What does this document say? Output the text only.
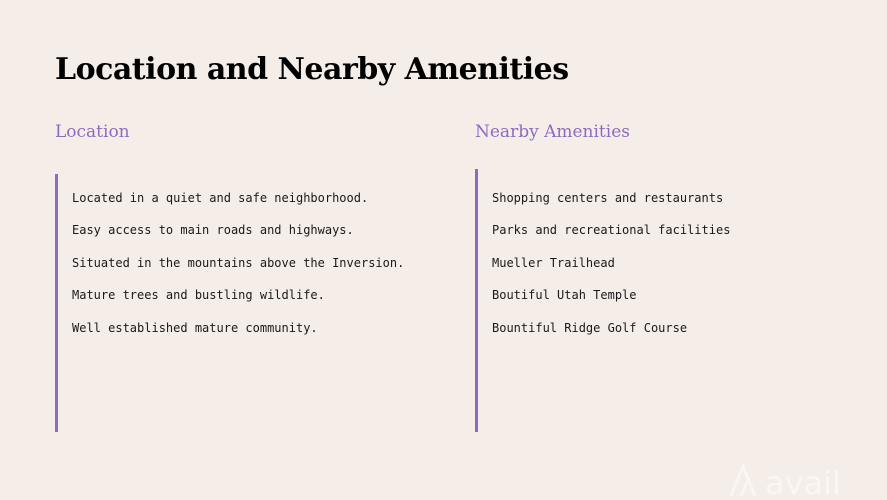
Location and Nearby Amenities
Location
Located in a quiet and safe neighborhood.
Easy access to main roads and highways.
Situated in the mountains above the Inversion.
Mature trees and bustling wildlife.
Well established mature community.
Nearby Amenities
Shopping centers and restaurants
Parks and recreational facilities
Mueller Trailhead
Boutiful Utah Temple
Bountiful Ridge Golf Course
avail
